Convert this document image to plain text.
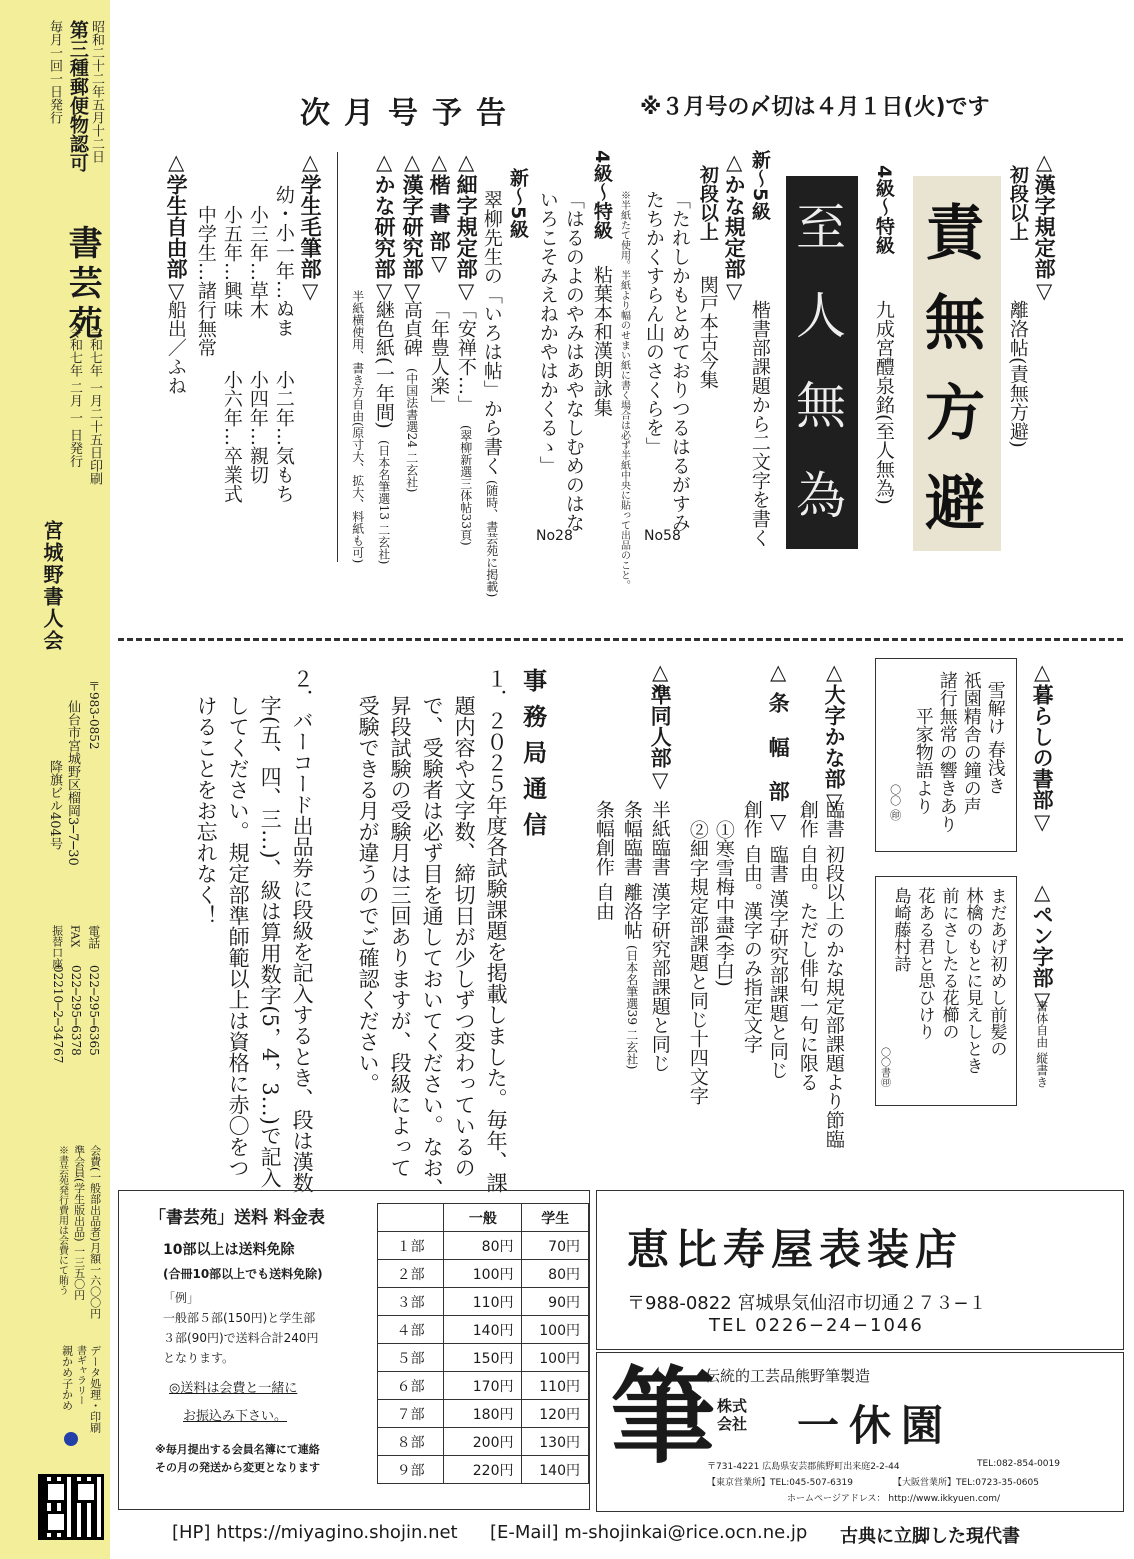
昭和二十二年五月十二日
第三種郵便物認可
毎月一回一日発行
書芸苑
令和七年 一月二十五日印刷
令和七年 二月 一 日発行
宮城野書人会
〒983-0852
仙台市宮城野区榴岡3─7─30
降旗ビル404号
電話
022─295─6365
FAX
022─295─6378
振替口座
02210─2─34767
会費(一般部出品者)月額一六〇〇円
準会員(学生版出品) 一三五〇円
※書芸苑発行費用は会費にて賄う
データ処理・印刷
書ギャラリー
親かめ子かめ
次月号予告	※３月号の〆切は４月１日(火)です
責
無
方
避
至
人
無
為
△漢字規定部▽
初段以上
離洛帖(責無方避)
4級〜特級
九成宮醴泉銘(至人無為)
新〜5級
楷書部課題から二文字を書く
△かな規定部▽
初段以上
関戸本古今集
「たれしかもとめておりつるはるがすみ
たちかくすらん山のさくらを」
No58
※半紙たて使用。半紙より幅のせまい紙に書く場合は必ず半紙中央に貼って出品のこと。
4級〜特級
粘葉本和漢朗詠集
「はるのよのやみはあやなしむめのはな
いろこそみえねかやはかくるゝ」
No28
新〜5級
翠柳先生の「いろは帖」から書く
(随時、書芸苑に掲載)
△細字規定部▽
「安禅不…」
(翠柳新選三体帖33頁)
△楷 書 部▽
「年豊人楽」
△漢字研究部▽
高貞碑
(中国法書選24 二玄社)
△かな研究部▽
継色紙(一年間)
(日本名筆選13 二玄社)
半紙横使用、書き方自由(原寸大、拡大、料紙も可)
△学生毛筆部▽
幼・小一年…ぬま
小二年…気もち
小三年…草木
小四年…親切
小五年…興味
小六年…卒業式
中学生…諸行無常
△学生自由部▽
船出／ふね
△暮らしの書部▽
雪解け 春浅き
祇園精舎の鐘の声
諸行無常の響きあり
平家物語より
〇〇 ㊞
△ペン字部▽
書体自由 縦書き
まだあげ初めし前髪の
林檎のもとに見えしとき
前にさしたる花櫛の
花ある君と思ひけり
島崎藤村詩
〇〇書㊞
△大字かな部▽
臨書 初段以上のかな規定部課題より節臨
創作 自由。ただし俳句一句に限る
△条 幅 部▽
臨書 漢字研究部課題と同じ
創作 自由。漢字のみ指定文字
①寒雪梅中盡(李白)
②細字規定部課題と同じ十四文字
△準同人部▽
半紙臨書 漢字研究部課題と同じ
条幅臨書 離洛帖
(日本名筆選39 二玄社)
条幅創作 自由
事務局通信
１．２０２５年度各試験課題を掲載しました。毎年、課
題内容や文字数、締切日が少しずつ変わっているの
で、受験者は必ず目を通しておいてください。なお、
昇段試験の受験月は三回ありますが、段級によって
受験できる月が違うのでご確認ください。
２．バーコード出品券に段級を記入するとき、段は漢数
字(五、四、三…)、級は算用数字(5，4，3…)で記入
してください。規定部準師範以上は資格に赤〇をつ
けることをお忘れなく！
「書芸苑」送料 料金表
10部以上は送料免除
(合冊10部以上でも送料免除)
「例」
一般部５部(150円)と学生部
３部(90円)で送料合計240円
となります。
◎送料は会費と一緒に
お振込み下さい。
※毎月提出する会員名簿にて連絡
その月の発送から変更となります
	一般	学生
１部	80円	70円
２部	100円	80円
３部	110円	90円
４部	140円	100円
５部	150円	100円
６部	170円	110円
７部	180円	120円
８部	200円	130円
９部	220円	140円
恵比寿屋表装店
〒988-0822 宮城県気仙沼市切通２７３−１
TEL 0226−24−1046
筆
伝統的工芸品熊野筆製造
株式会社	一休園
〒731-4221 広島県安芸郡熊野町出来庭2-2-44	TEL:082-854-0019
【東京営業所】TEL:045-507-6319	【大阪営業所】TEL:0723-35-0605
ホームページアドレス： http://www.ikkyuen.com/
[HP] https://miyagino.shojin.net [E-Mail] m-shojinkai@rice.ocn.ne.jp 古典に立脚した現代書
